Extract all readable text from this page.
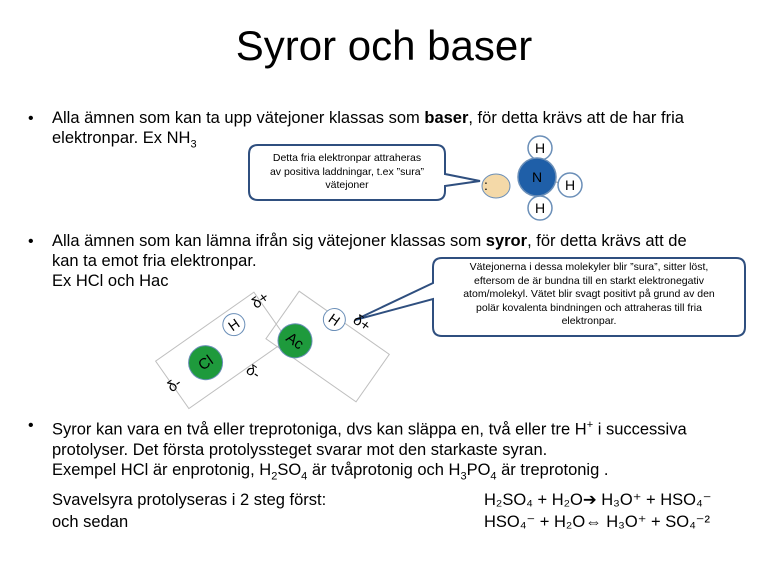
Syror och baser
• Alla ämnen som kan ta upp vätejoner klassas som baser, för detta krävs att de har fria
elektronpar. Ex $NH_3$	H
H
H
N
:
Cl
H
δ+
δ-
Ac
H δ+
δ-
Detta fria elektronpar attraheras
av positiva laddningar, t.ex ”sura”
vätejoner
• Alla ämnen som kan lämna ifrån sig vätejoner klassas som syror, för detta krävs att de
kan ta emot fria elektronpar.
Ex HCl och Hac
Vätejonerna i dessa molekyler blir ”sura”, sitter löst,
eftersom de är bundna till en starkt elektronegativ
atom/molekyl. Vätet blir svagt positivt på grund av den
polär kovalenta bindningen och attraheras till fria
elektronpar.
• Syror kan vara en två eller treprotoniga, dvs kan släppa en, två eller tre H+ i successiva
protolyser. Det första protolyssteget svarar mot den starkaste syran.
Exempel HCl är enprotonig, $H_2SO_4$ är tvåprotonig och $H_3PO_4$ är treprotonig .
Svavelsyra protolyseras i 2 steg först:
och sedan
H₂SO₄ + H₂O➔ H₃O⁺ + HSO₄⁻
HSO₄⁻ + H₂O⇔ H₃O⁺ + SO₄⁻²
